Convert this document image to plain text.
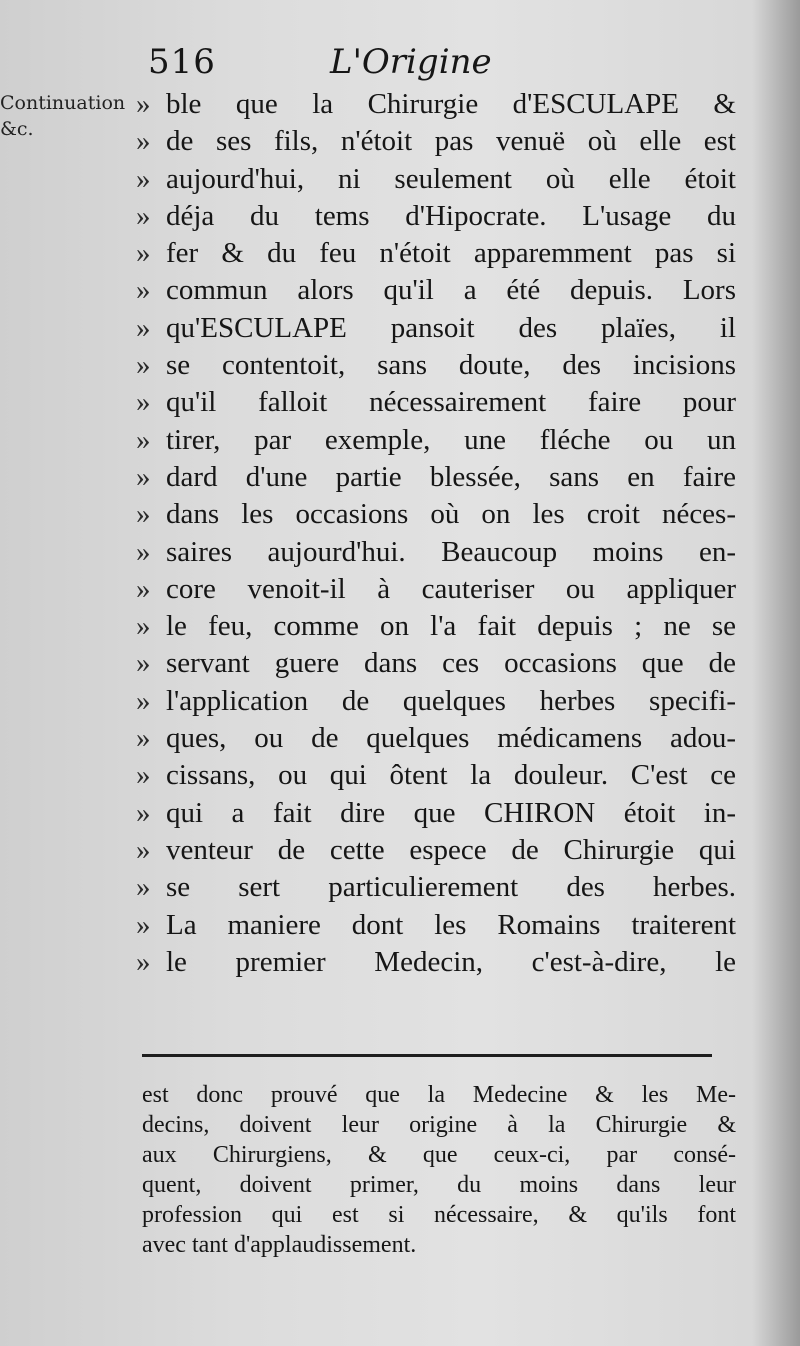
516	L'Origine
Continuation
&c.
» ble que la Chirurgie d'ESCULAPE &
» de ses fils, n'étoit pas venuë où elle est
» aujourd'hui, ni seulement où elle étoit
» déja du tems d'Hipocrate. L'usage du
» fer & du feu n'étoit apparemment pas si
» commun alors qu'il a été depuis. Lors
» qu'ESCULAPE pansoit des plaïes, il
» se contentoit, sans doute, des incisions
» qu'il falloit nécessairement faire pour
» tirer, par exemple, une fléche ou un
» dard d'une partie blessée, sans en faire
» dans les occasions où on les croit néces-
» saires aujourd'hui. Beaucoup moins en-
» core venoit-il à cauteriser ou appliquer
» le feu, comme on l'a fait depuis ; ne se
» servant guere dans ces occasions que de
» l'application de quelques herbes specifi-
» ques, ou de quelques médicamens adou-
» cissans, ou qui ôtent la douleur. C'est ce
» qui a fait dire que CHIRON étoit in-
» venteur de cette espece de Chirurgie qui
» se sert particulierement des herbes.
» La maniere dont les Romains traiterent
» le premier Medecin, c'est-à-dire, le
est donc prouvé que la Medecine & les Me-
decins, doivent leur origine à la Chirurgie &
aux Chirurgiens, & que ceux-ci, par consé-
quent, doivent primer, du moins dans leur
profession qui est si nécessaire, & qu'ils font
avec tant d'applaudissement.
